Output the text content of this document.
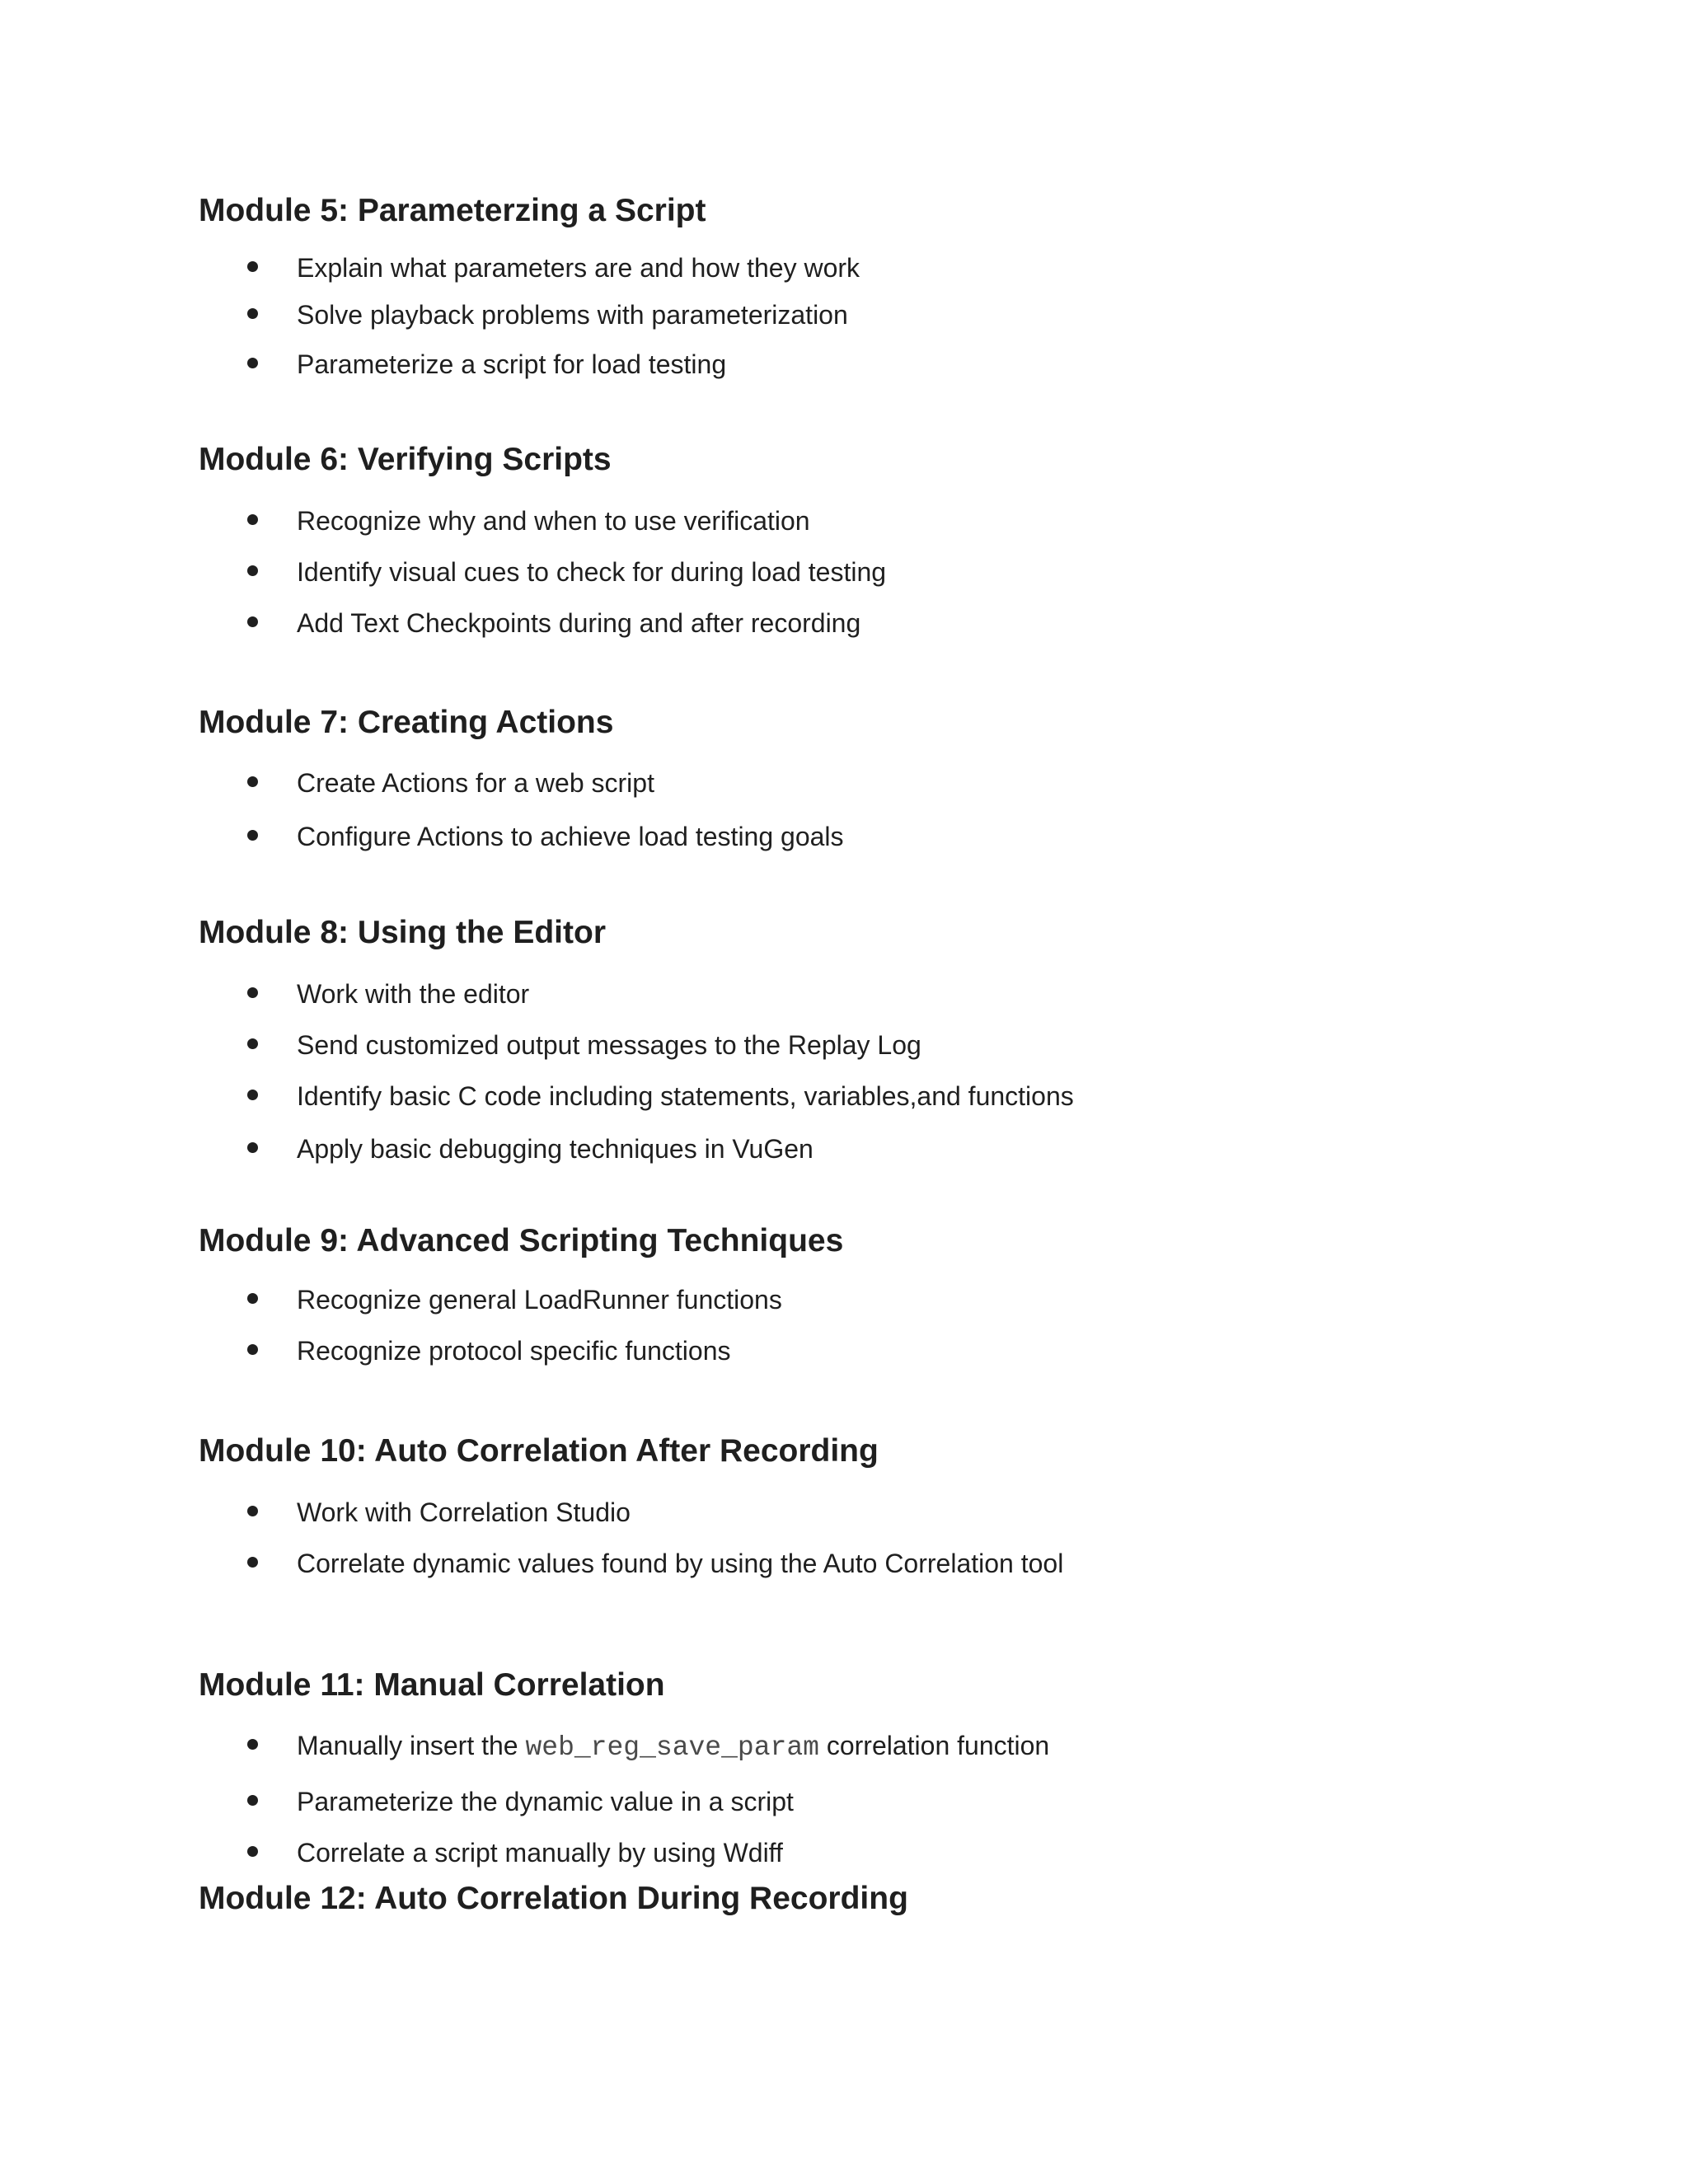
Module 5: Parameterzing a Script
Explain what parameters are and how they work
Solve playback problems with parameterization
Parameterize a script for load testing
Module 6: Verifying Scripts
Recognize why and when to use verification
Identify visual cues to check for during load testing
Add Text Checkpoints during and after recording
Module 7: Creating Actions
Create Actions for a web script
Configure Actions to achieve load testing goals
Module 8: Using the Editor
Work with the editor
Send customized output messages to the Replay Log
Identify basic C code including statements, variables,and functions
Apply basic debugging techniques in VuGen
Module 9: Advanced Scripting Techniques
Recognize general LoadRunner functions
Recognize protocol specific functions
Module 10: Auto Correlation After Recording
Work with Correlation Studio
Correlate dynamic values found by using the Auto Correlation tool
Module 11: Manual Correlation
Manually insert the web_reg_save_param correlation function
Parameterize the dynamic value in a script
Correlate a script manually by using Wdiff
Module 12: Auto Correlation During Recording
